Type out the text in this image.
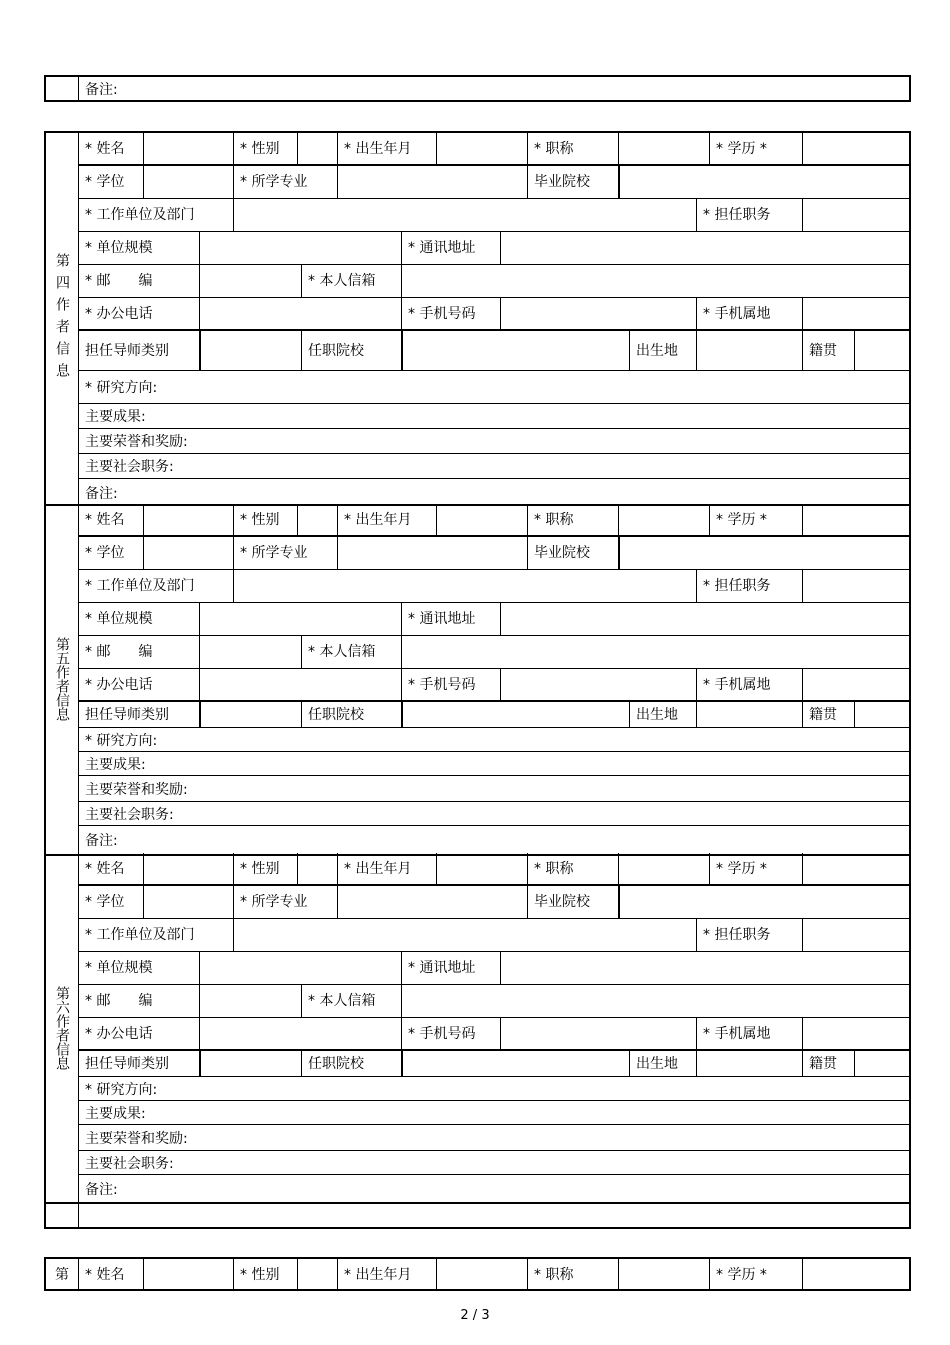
备注:
第四作者信息
* 姓名	* 性别	* 出生年月	* 职称	* 学历 *
* 学位	* 所学专业	毕业院校
* 工作单位及部门	* 担任职务
* 单位规模	* 通讯地址
* 邮　　编	* 本人信箱
* 办公电话	* 手机号码	* 手机属地
担任导师类别	任职院校	出生地	籍贯
* 研究方向:
主要成果:
主要荣誉和奖励:
主要社会职务:
备注:
第五作者信息
* 姓名	* 性别	* 出生年月	* 职称	* 学历 *
* 学位	* 所学专业	毕业院校
* 工作单位及部门	* 担任职务
* 单位规模	* 通讯地址
* 邮　　编	* 本人信箱
* 办公电话	* 手机号码	* 手机属地
担任导师类别	任职院校	出生地	籍贯
* 研究方向:
主要成果:
主要荣誉和奖励:
主要社会职务:
备注:
第六作者信息
* 姓名	* 性别	* 出生年月	* 职称	* 学历 *
* 学位	* 所学专业	毕业院校
* 工作单位及部门	* 担任职务
* 单位规模	* 通讯地址
* 邮　　编	* 本人信箱
* 办公电话	* 手机号码	* 手机属地
担任导师类别	任职院校	出生地	籍贯
* 研究方向:
主要成果:
主要荣誉和奖励:
主要社会职务:
备注:
第	* 姓名	* 性别	* 出生年月	* 职称	* 学历 *
2 / 3
